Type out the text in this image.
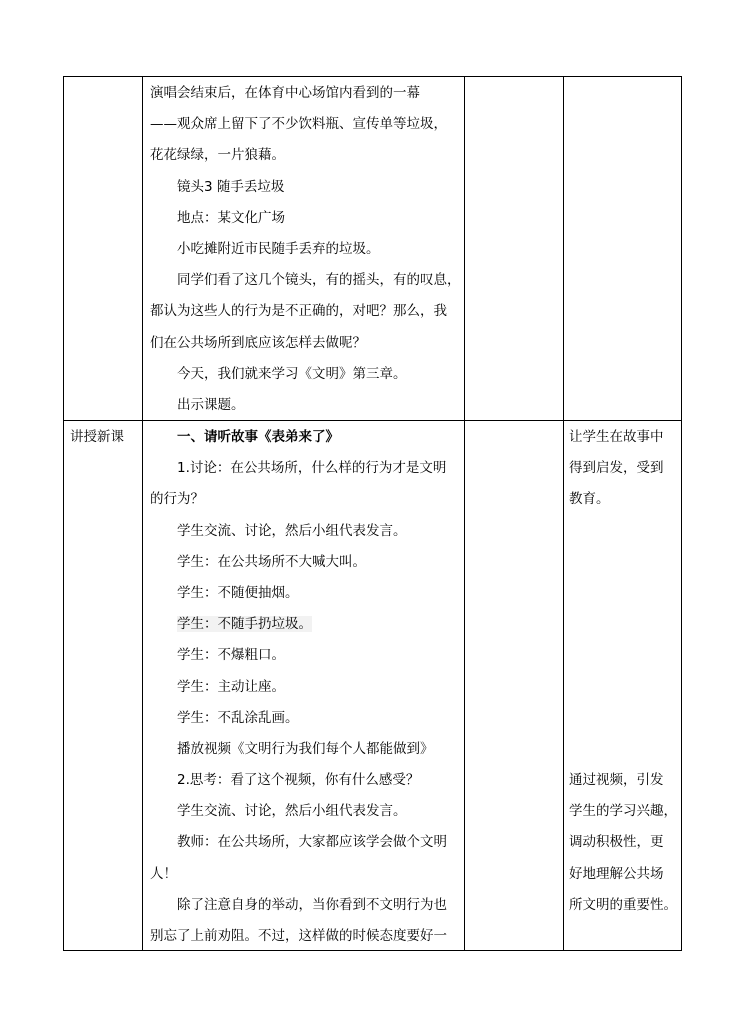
演唱会结束后，在体育中心场馆内看到的一幕
——观众席上留下了不少饮料瓶、宣传单等垃圾，
花花绿绿，一片狼藉。
镜头3 随手丢垃圾
地点：某文化广场
小吃摊附近市民随手丢弃的垃圾。
同学们看了这几个镜头，有的摇头，有的叹息，
都认为这些人的行为是不正确的，对吧？那么，我
们在公共场所到底应该怎样去做呢？
今天，我们就来学习《文明》第三章。
出示课题。
讲授新课	一、请听故事《表弟来了》
1.讨论：在公共场所，什么样的行为才是文明
的行为？
学生交流、讨论，然后小组代表发言。
学生：在公共场所不大喊大叫。
学生：不随便抽烟。
学生：不随手扔垃圾。
学生：不爆粗口。
学生：主动让座。
学生：不乱涂乱画。
播放视频《文明行为我们每个人都能做到》
2.思考：看了这个视频，你有什么感受？
学生交流、讨论，然后小组代表发言。
教师：在公共场所，大家都应该学会做个文明
人！
除了注意自身的举动，当你看到不文明行为也
别忘了上前劝阻。不过，这样做的时候态度要好一
让学生在故事中
得到启发，受到
教育。
通过视频，引发
学生的学习兴趣，
调动积极性，更
好地理解公共场
所文明的重要性。
